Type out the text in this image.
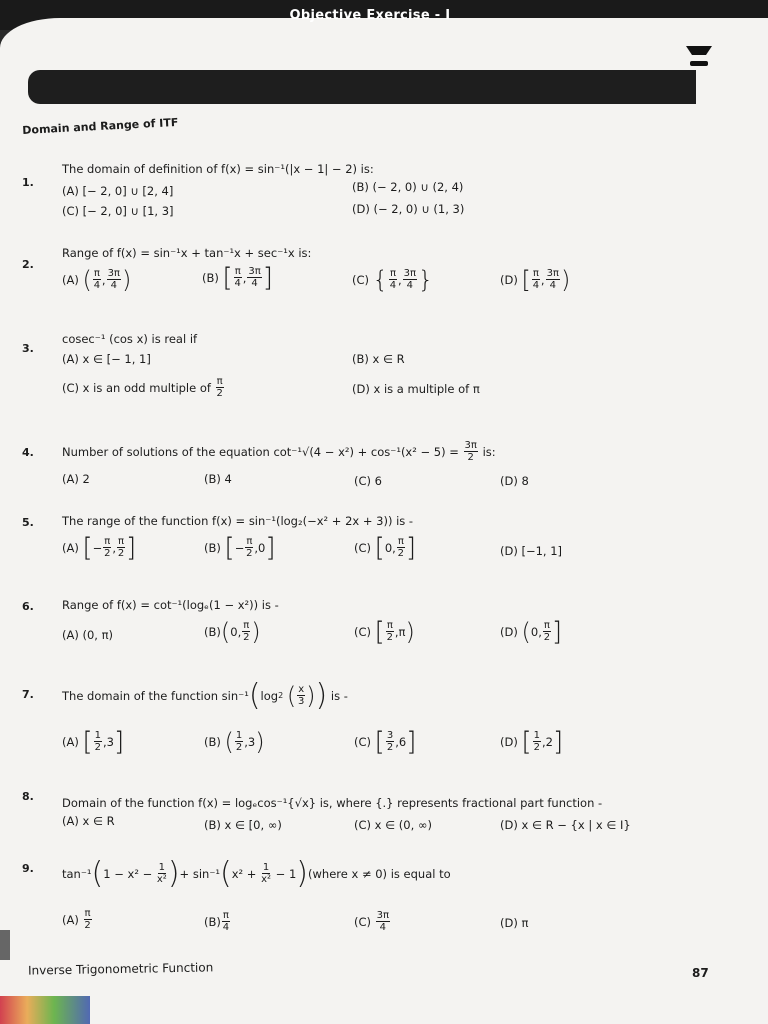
Objective Exercise - I
Domain and Range of ITF
1.
The domain of definition of f(x) = sin⁻¹(|x − 1| − 2) is:
(A) [− 2, 0] ∪ [2, 4]	(B) (− 2, 0) ∪ (2, 4)
(C) [− 2, 0] ∪ [1, 3]	(D) (− 2, 0) ∪ (1, 3)
2.
Range of f(x) = sin⁻¹x + tan⁻¹x + sec⁻¹x is:
(A)
( $\frac{\pi}{4}$ , $\frac{3\pi}{4}$ )	(B)
[ $\frac{\pi}{4}$ , $\frac{3\pi}{4}$ ]	(C)
{ $\frac{\pi}{4}$ , $\frac{3\pi}{4}$ }	(D)
[ $\frac{\pi}{4}$ , $\frac{3\pi}{4}$ )
3.
cosec⁻¹ (cos x) is real if
(A) x ∈ [− 1, 1]	(B) x ∈ R
(C) x is an odd multiple of
$\frac{\pi}{2}$	(D) x is a multiple of π
4. Number of solutions of the equation cot⁻¹√(4 − x²) + cos⁻¹(x² − 5) =
$\frac{3\pi}{2}$
is:
(A) 2	(B) 4	(C) 6	(D) 8
5. The range of the function f(x) = sin⁻¹(log₂(−x² + 2x + 3)) is -
(A)
[ − $\frac{\pi}{2}$ , $\frac{\pi}{2}$ ]	(B)
[ − $\frac{\pi}{2} ,0$ ]	(C)
[ 0, $\frac{\pi}{2}$ ]	(D) [−1, 1]
6. Range of f(x) = cot⁻¹(logₑ(1 − x²)) is -
(A) (0, π)	(B) ( 0, $\frac{\pi}{2}$ )	(C)
[ $\frac{\pi}{2} ,\pi$ )	(D)
( 0, $\frac{\pi}{2}$ ]
7. The domain of the function sin⁻¹ ( log 2
( $\frac{x}{3}$ ) )
is -
(A)
[ $\frac{1}{2} ,3$ ]	(B)
( $\frac{1}{2} ,3$ )	(C)
[ $\frac{3}{2} ,6$ ]	(D)
[ $\frac{1}{2} ,2$ ]
8. Domain of the function f(x) = logₑcos⁻¹{√x} is, where {.} represents fractional part function -
(A) x ∈ R	(B) x ∈ [0, ∞)	(C) x ∈ (0, ∞)	(D) x ∈ R − {x | x ∈ I}
9. tan⁻¹ ( $1 - x^2 - \frac{1}{\text{x²}}$ ) + sin⁻¹ ( $x^2 + \frac{1}{\text{x²}} - 1$ ) (where x ≠ 0) is equal to
(A)
$\frac{\pi}{2}$	$(B) \frac{\pi}{4}$	(C)
$\frac{3\pi}{4}$	(D) π
Inverse Trigonometric Function	87
